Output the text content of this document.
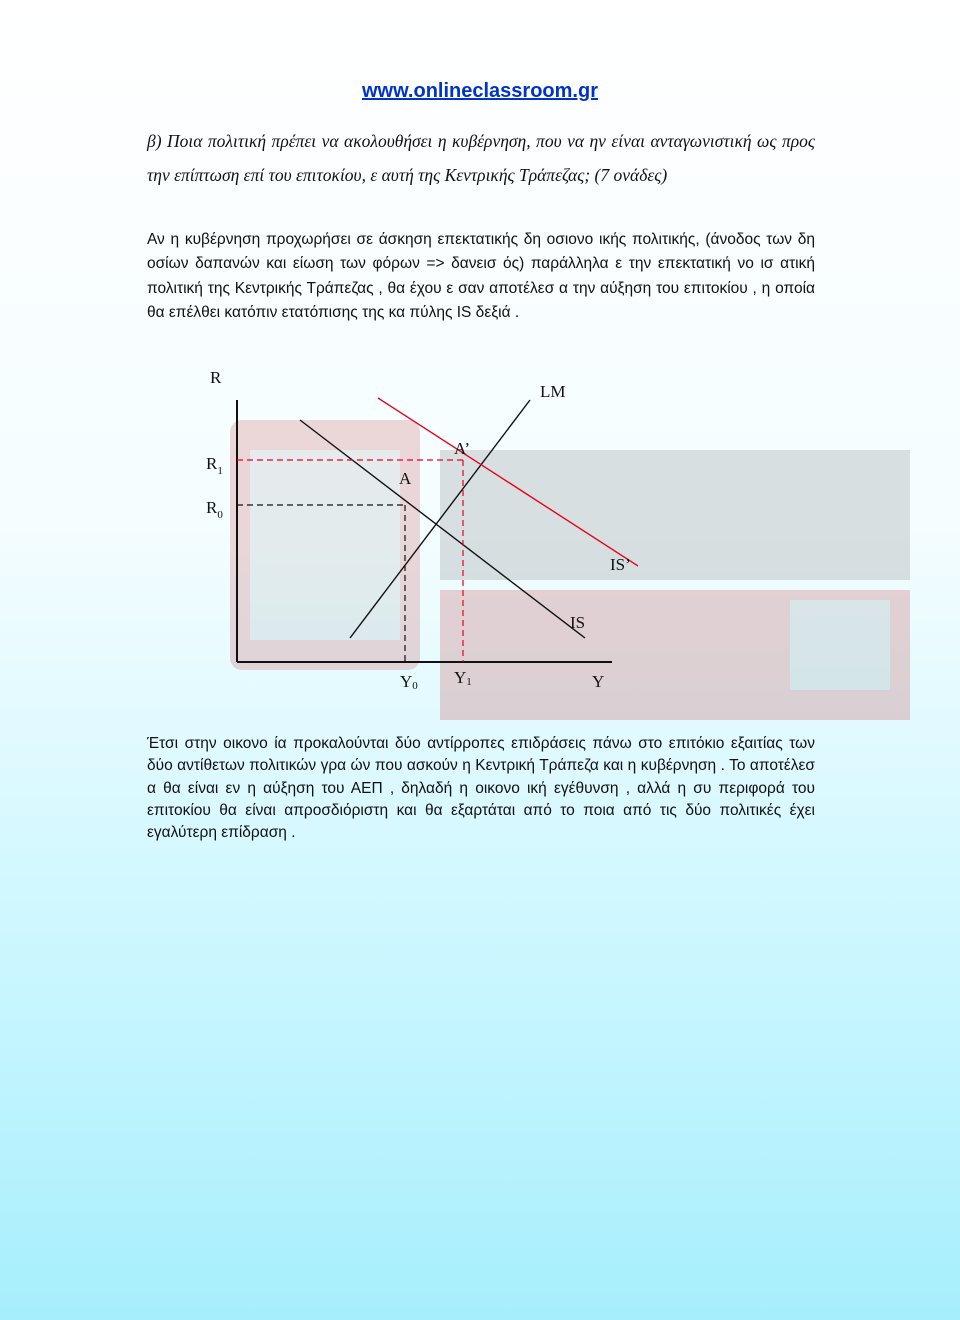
www.onlineclassroom.gr
β) Ποια πολιτική πρέπει να ακολουθήσει η κυβέρνηση, που να ην είναι ανταγωνιστική ως προς την επίπτωση επί του επιτοκίου, ε αυτή της Κεντρικής Τράπεζας; (7 ονάδες)
Αν η κυβέρνηση προχωρήσει σε άσκηση επεκτατικής δη οσιονο ικής πολιτικής, (άνοδος των δη οσίων δαπανών και είωση των φόρων => δανεισ ός) παράλληλα ε την επεκτατική νο ισ ατική πολιτική της Κεντρικής Τράπεζας , θα έχου ε σαν αποτέλεσ α την αύξηση του επιτοκίου , η οποία θα επέλθει κατόπιν ετατόπισης της κα πύλης IS δεξιά .
R
Y
LM
IS
IS’
A
A’
$R_1$
$R_0$
Y0 Y1
Έτσι στην οικονο ία προκαλούνται δύο αντίρροπες επιδράσεις πάνω στο επιτόκιο εξαιτίας των δύο αντίθετων πολιτικών γρα ών που ασκούν η Κεντρική Τράπεζα και η κυβέρνηση . Το αποτέλεσ α θα είναι εν η αύξηση του ΑΕΠ , δηλαδή η οικονο ική εγέθυνση , αλλά η συ περιφορά του επιτοκίου θα είναι απροσδιόριστη και θα εξαρτάται από το ποια από τις δύο πολιτικές έχει εγαλύτερη επίδραση .
